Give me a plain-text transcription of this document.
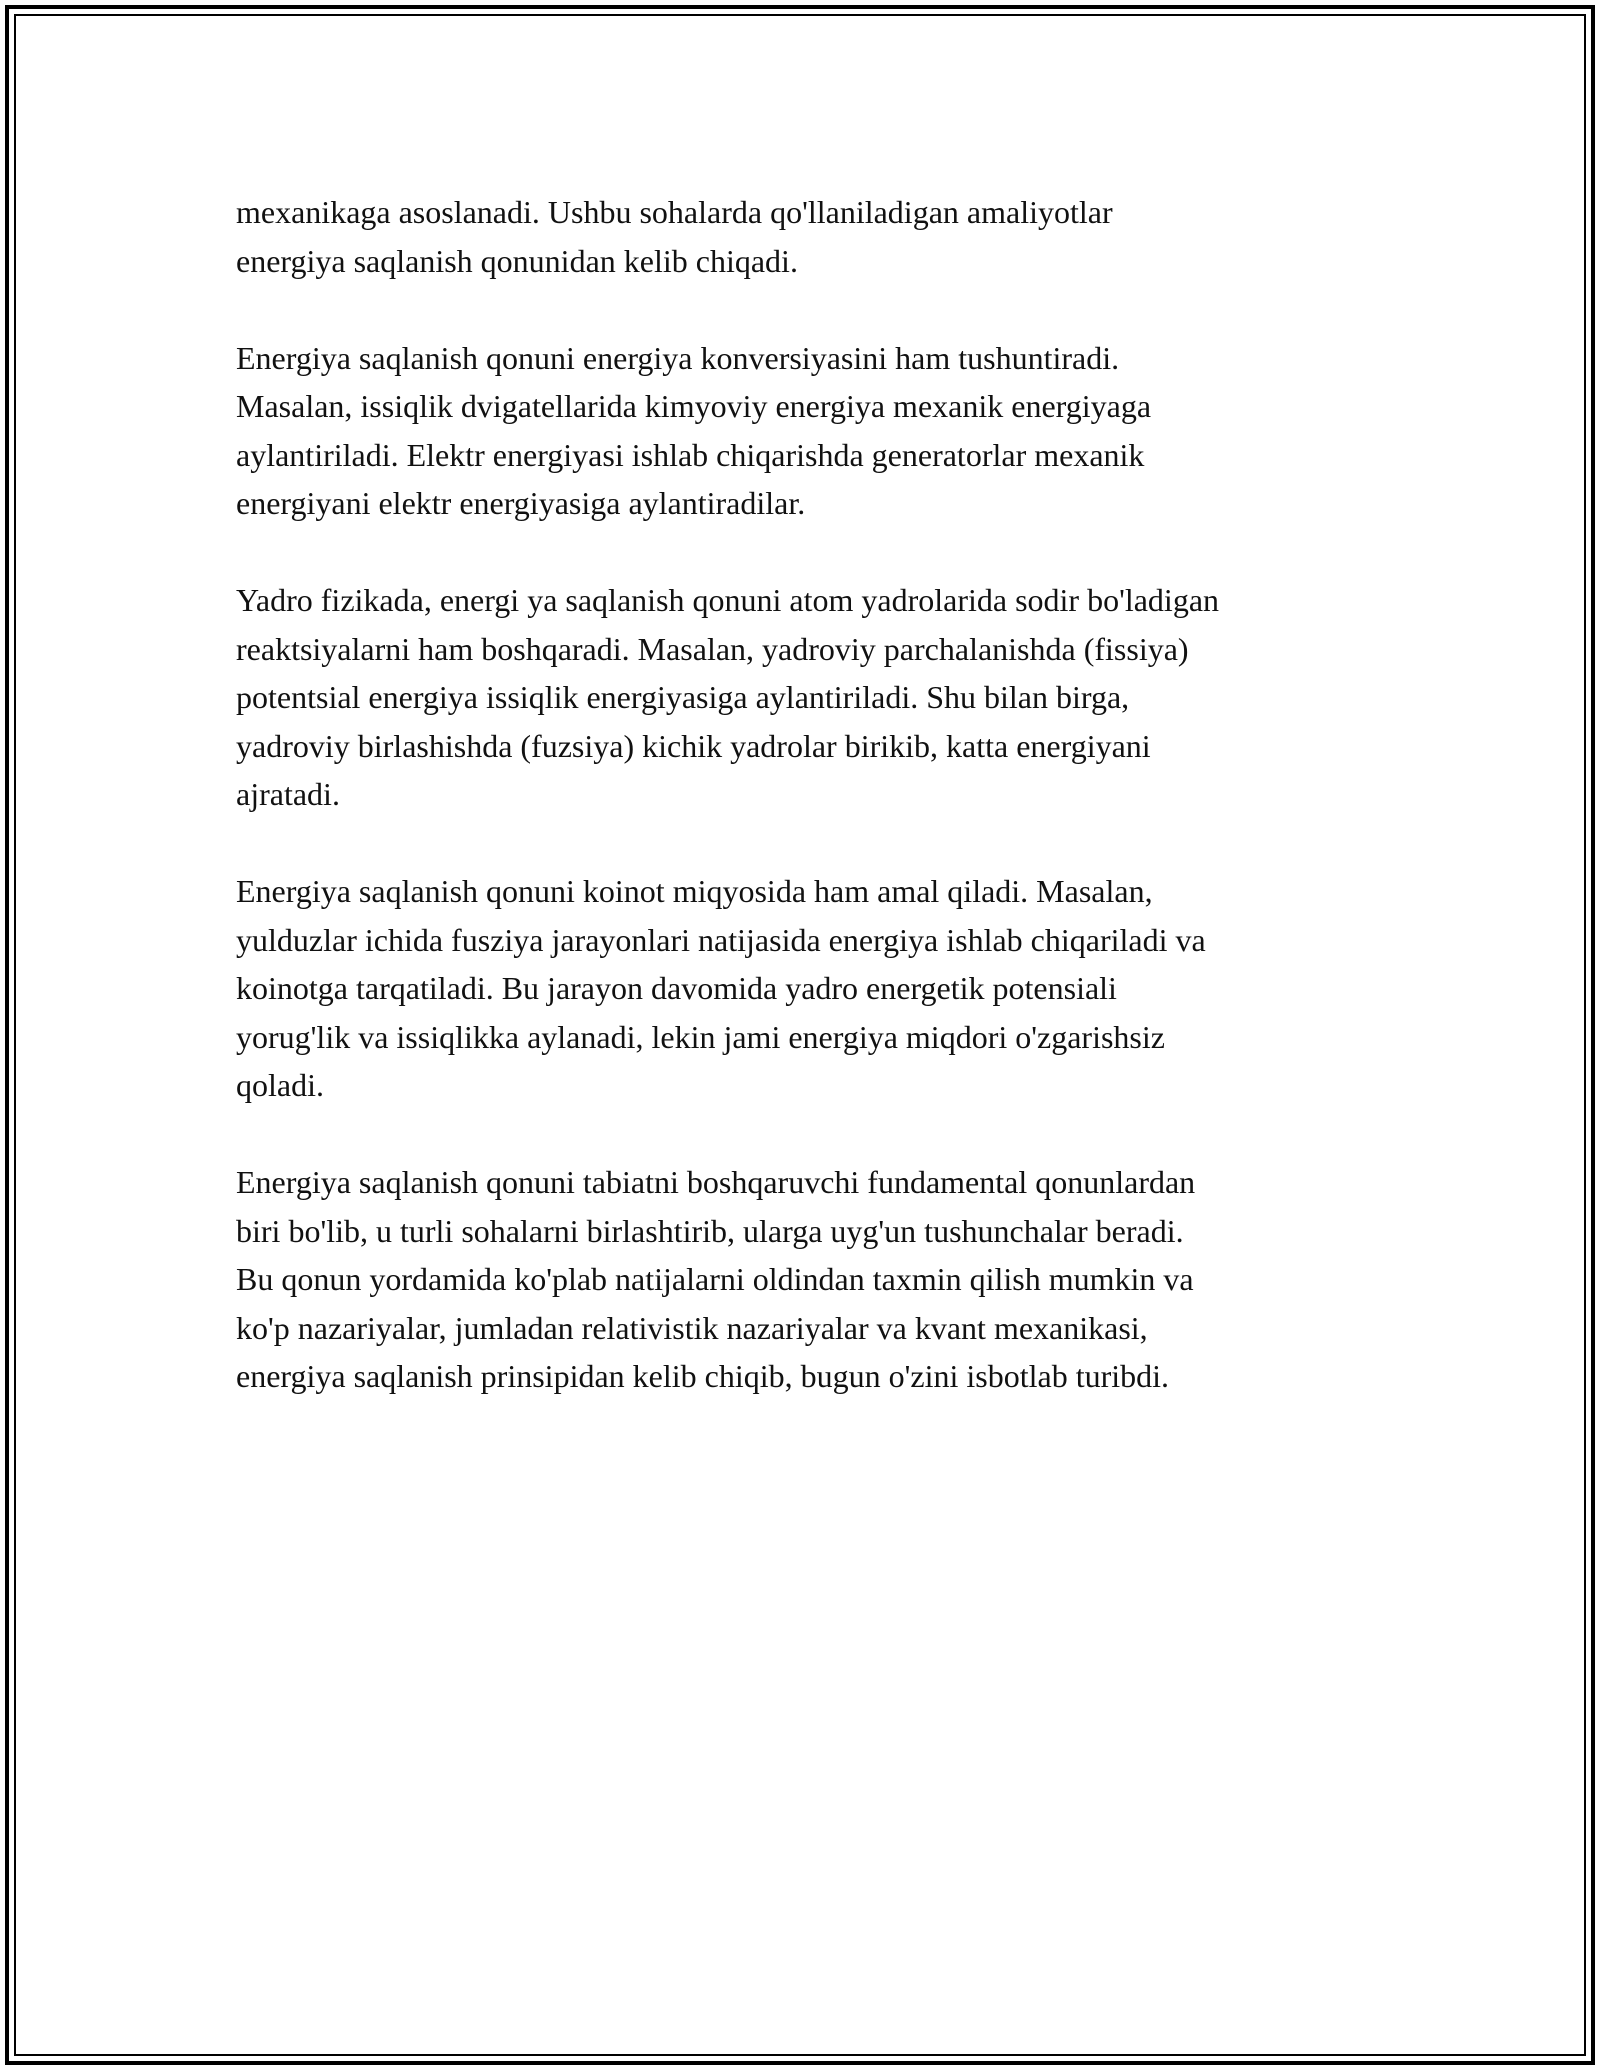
mexanikaga asoslanadi. Ushbu sohalarda qo'llaniladigan amaliyotlar
energiya saqlanish qonunidan kelib chiqadi.

Energiya saqlanish qonuni energiya konversiyasini ham tushuntiradi.
Masalan, issiqlik dvigatellarida kimyoviy energiya mexanik energiyaga
aylantiriladi. Elektr energiyasi ishlab chiqarishda generatorlar mexanik
energiyani elektr energiyasiga aylantiradilar.

Yadro fizikada, energi ya saqlanish qonuni atom yadrolarida sodir bo'ladigan
reaktsiyalarni ham boshqaradi. Masalan, yadroviy parchalanishda (fissiya)
potentsial energiya issiqlik energiyasiga aylantiriladi. Shu bilan birga,
yadroviy birlashishda (fuzsiya) kichik yadrolar birikib, katta energiyani
ajratadi.

Energiya saqlanish qonuni koinot miqyosida ham amal qiladi. Masalan,
yulduzlar ichida fusziya jarayonlari natijasida energiya ishlab chiqariladi va
koinotga tarqatiladi. Bu jarayon davomida yadro energetik potensiali
yorug'lik va issiqlikka aylanadi, lekin jami energiya miqdori o'zgarishsiz
qoladi.

Energiya saqlanish qonuni tabiatni boshqaruvchi fundamental qonunlardan
biri bo'lib, u turli sohalarni birlashtirib, ularga uyg'un tushunchalar beradi.
Bu qonun yordamida ko'plab natijalarni oldindan taxmin qilish mumkin va
ko'p nazariyalar, jumladan relativistik nazariyalar va kvant mexanikasi,
energiya saqlanish prinsipidan kelib chiqib, bugun o'zini isbotlab turibdi.
